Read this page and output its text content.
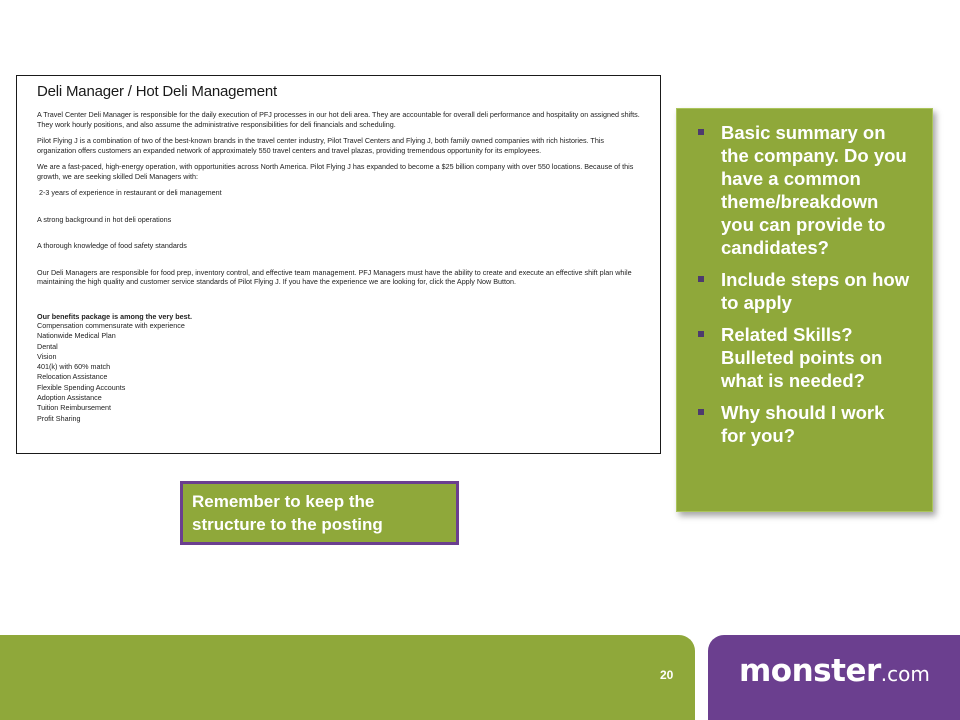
Deli Manager / Hot Deli Management

A Travel Center Deli Manager is responsible for the daily execution of PFJ processes in our hot deli area. They are accountable for overall deli performance and hospitality on assigned shifts. They work hourly positions, and also assume the administrative responsibilities for deli financials and scheduling.

Pilot Flying J is a combination of two of the best-known brands in the travel center industry, Pilot Travel Centers and Flying J, both family owned companies with rich histories. This organization offers customers an expanded network of approximately 550 travel centers and travel plazas, providing tremendous opportunity for its employees.

We are a fast-paced, high-energy operation, with opportunities across North America. Pilot Flying J has expanded to become a $25 billion company with over 550 locations. Because of this growth, we are seeking skilled Deli Managers with:

2-3 years of experience in restaurant or deli management

A strong background in hot deli operations

A thorough knowledge of food safety standards

Our Deli Managers are responsible for food prep, inventory control, and effective team management. PFJ Managers must have the ability to create and execute an effective shift plan while maintaining the high quality and customer service standards of Pilot Flying J. If you have the experience we are looking for, click the Apply Now Button.

Our benefits package is among the very best.
Compensation commensurate with experience
Nationwide Medical Plan
Dental
Vision
401(k) with 60% match
Relocation Assistance
Flexible Spending Accounts
Adoption Assistance
Tuition Reimbursement
Profit Sharing
Basic summary on the company. Do you have a common theme/breakdown you can provide to candidates?
Include steps on how to apply
Related Skills? Bulleted points on what is needed?
Why should I work for you?
Remember to keep the
structure to the posting
20 monster.com
